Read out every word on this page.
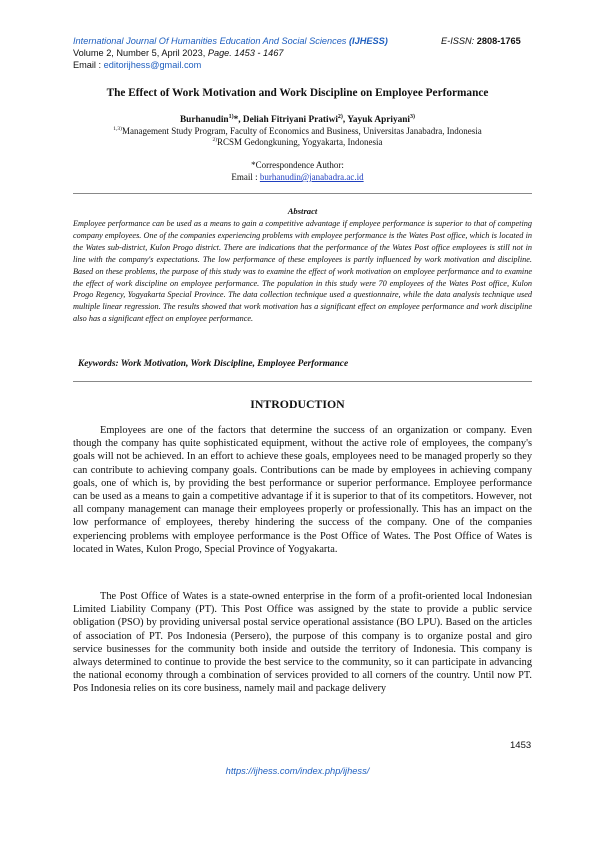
International Journal Of Humanities Education And Social Sciences (IJHESS)	E-ISSN: 2808-1765
Volume 2, Number 5, April 2023, Page. 1453 - 1467
Email : editorijhess@gmail.com
The Effect of Work Motivation and Work Discipline on Employee Performance
Burhanudin$^{1)}$*, Deliah Fitriyani Pratiwi$^{2)}$, Yayuk Apriyani$^{3)}$
$^{1,3)}$Management Study Program, Faculty of Economics and Business, Universitas Janabadra, Indonesia
$^{2)}$RCSM Gedongkuning, Yogyakarta, Indonesia
*Correspondence Author:
Email : burhanudin@janabadra.ac.id
Abstract
Employee performance can be used as a means to gain a competitive advantage if employee performance is superior to that of competing company employees. One of the companies experiencing problems with employee performance is the Wates Post office, which is located in the Wates sub-district, Kulon Progo district. There are indications that the performance of the Wates Post office employees is still not in line with the company's expectations. The low performance of these employees is partly influenced by work motivation and discipline. Based on these problems, the purpose of this study was to examine the effect of work motivation on employee performance and to examine the effect of work discipline on employee performance. The population in this study were 70 employees of the Wates Post office, Kulon Progo Regency, Yogyakarta Special Province. The data collection technique used a questionnaire, while the data analysis technique used multiple linear regression. The results showed that work motivation has a significant effect on employee performance and work discipline also has a significant effect on employee performance.
Keywords: Work Motivation, Work Discipline, Employee Performance
INTRODUCTION

Employees are one of the factors that determine the success of an organization or company. Even though the company has quite sophisticated equipment, without the active role of employees, the company's goals will not be achieved. In an effort to achieve these goals, employees need to be managed properly so they can contribute to achieving company goals. Contributions can be made by employees in achieving company goals, one of which is, by providing the best performance or superior performance. Employee performance can be used as a means to gain a competitive advantage if it is superior to that of its competitors. However, not all company management can manage their employees properly or professionally. This has an impact on the low performance of employees, thereby hindering the success of the company. One of the companies experiencing problems with employee performance is the Post Office of Wates. The Post Office of Wates is located in Wates, Kulon Progo, Special Province of Yogyakarta.

The Post Office of Wates is a state-owned enterprise in the form of a profit-oriented local Indonesian Limited Liability Company (PT). This Post Office was assigned by the state to provide a public service obligation (PSO) by providing universal postal service operational assistance (BO LPU). Based on the articles of association of PT. Pos Indonesia (Persero), the purpose of this company is to organize postal and giro service businesses for the community both inside and outside the territory of Indonesia. This company is always determined to continue to provide the best service to the community, so it can participate in advancing the national economy through a combination of services provided to all corners of the country. Until now PT. Pos Indonesia relies on its core business, namely mail and package delivery

1453
https://ijhess.com/index.php/ijhess/
